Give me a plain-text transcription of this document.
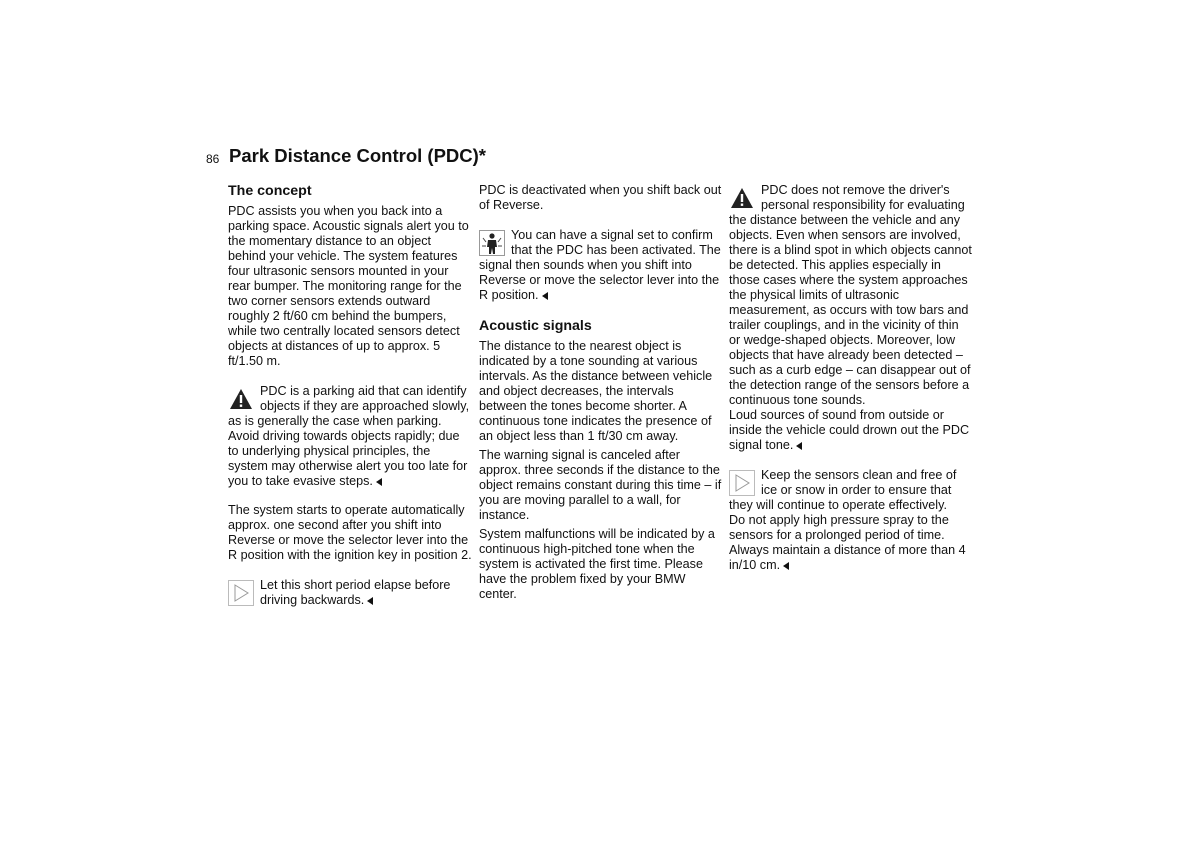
86 Park Distance Control (PDC)*
The concept

PDC assists you when you back into a parking space. Acoustic signals alert you to the momentary distance to an object behind your vehicle. The system features four ultrasonic sensors mounted in your rear bumper. The monitoring range for the two corner sensors extends outward roughly 2 ft/60 cm behind the bumpers, while two centrally located sensors detect objects at distances of up to approx. 5 ft/1.50 m.

PDC is a parking aid that can identify objects if they are approached slowly, as is generally the case when parking. Avoid driving towards objects rapidly; due to underlying physical principles, the system may otherwise alert you too late for you to take evasive steps.

The system starts to operate automatically approx. one second after you shift into Reverse or move the selector lever into the R position with the ignition key in position 2.

Let this short period elapse before driving backwards.

PDC is deactivated when you shift back out of Reverse.

You can have a signal set to confirm that the PDC has been activated. The signal then sounds when you shift into Reverse or move the selector lever into the R position.
Acoustic signals

The distance to the nearest object is indicated by a tone sounding at various intervals. As the distance between vehicle and object decreases, the intervals between the tones become shorter. A continuous tone indicates the presence of an object less than 1 ft/30 cm away.

The warning signal is canceled after approx. three seconds if the distance to the object remains constant during this time – if you are moving parallel to a wall, for instance.

System malfunctions will be indicated by a continuous high-pitched tone when the system is activated the first time. Please have the problem fixed by your BMW center.

PDC does not remove the driver's personal responsibility for evaluating the distance between the vehicle and any objects. Even when sensors are involved, there is a blind spot in which objects cannot be detected. This applies especially in those cases where the system approaches the physical limits of ultrasonic measurement, as occurs with tow bars and trailer couplings, and in the vicinity of thin or wedge-shaped objects. Moreover, low objects that have already been detected – such as a curb edge – can disappear out of the detection range of the sensors before a continuous tone sounds.

Loud sources of sound from outside or inside the vehicle could drown out the PDC signal tone.

Keep the sensors clean and free of ice or snow in order to ensure that they will continue to operate effectively.

Do not apply high pressure spray to the sensors for a prolonged period of time. Always maintain a distance of more than 4 in/10 cm.
